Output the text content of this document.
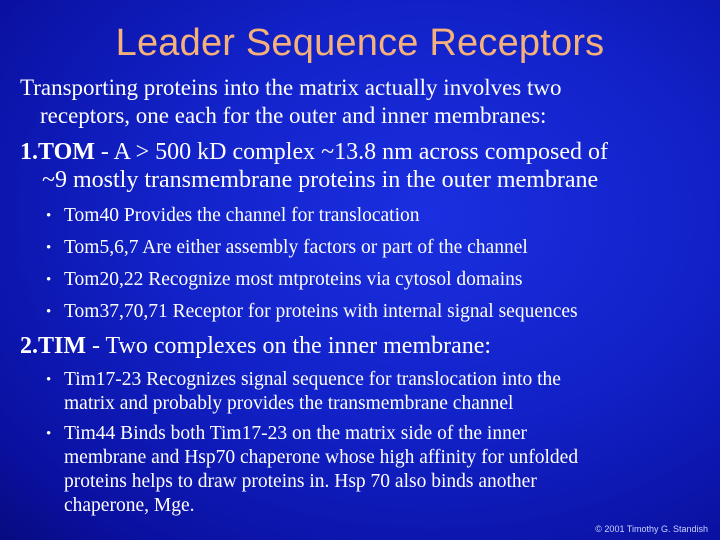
Leader Sequence Receptors
Transporting proteins into the matrix actually involves two
receptors, one each for the outer and inner membranes:
1.TOM - A > 500 kD complex ~13.8 nm across composed of
~9 mostly transmembrane proteins in the outer membrane
• Tom40 Provides the channel for translocation
• Tom5,6,7 Are either assembly factors or part of the channel
• Tom20,22 Recognize most mtproteins via cytosol domains
• Tom37,70,71 Receptor for proteins with internal signal sequences
2.TIM - Two complexes on the inner membrane:
• Tim17-23 Recognizes signal sequence for translocation into the
matrix and probably provides the transmembrane channel
• Tim44 Binds both Tim17-23 on the matrix side of the inner
membrane and Hsp70 chaperone whose high affinity for unfolded
proteins helps to draw proteins in. Hsp 70 also binds another
chaperone, Mge.
© 2001 Timothy G. Standish
